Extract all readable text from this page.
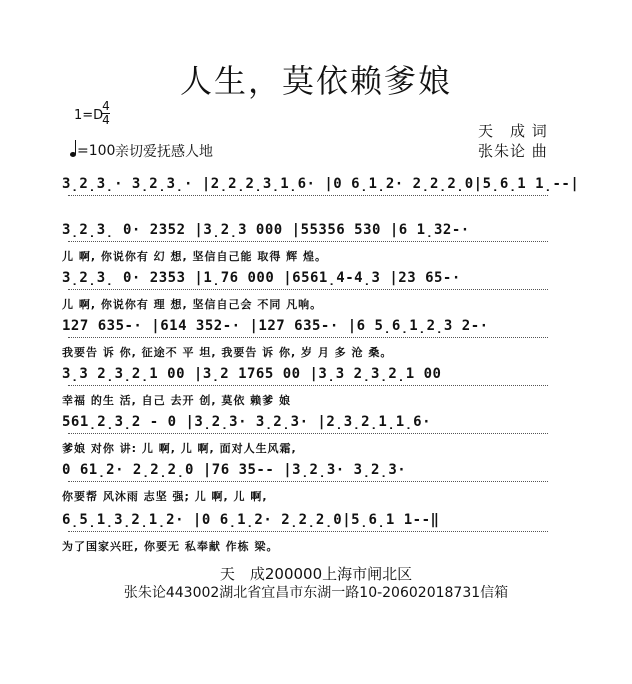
人生，莫依赖爹娘
1=D
4
4
天　成 词
张朱论 曲
=100 亲切爱抚感人地
3̣2̣3̣· 3̣2̣3̣· |2̣2̣2̣3̣1̣6· |0 6̣1̣2· 2̣2̣2̣0|5̣6̣1 1̣--|
3̣2̣3̣ 0· 2352 |3̣2̣3 000 |55356 530 |6 1̣32-·
儿 啊, 你说你有 幻 想, 坚信自己能 取得 辉 煌。
3̣2̣3̣ 0· 2353 |1̣76 000 |6561̣4-4̣3 |23 65-·
儿 啊, 你说你有 理 想, 坚信自己会 不同 凡响。
127 635-· |614 352-· |127 635-· |6 5̣6̣1̣2̣3 2-·
我要告 诉 你, 征途不 平 坦, 我要告 诉 你, 岁 月 多 沧 桑。
3̣3 2̣3̣2̣1 00 |3̣2 1765 00 |3̣3 2̣3̣2̣1 00
幸福 的生 活, 自己 去开 创, 莫依 赖爹 娘
561̣2̣3̣2 - 0 |3̣2̣3· 3̣2̣3· |2̣3̣2̣1̣1̣6·
爹娘 对你 讲: 儿 啊, 儿 啊, 面对人生风霜,
0 61̣2· 2̣2̣2̣0 |76 35-- |3̣2̣3· 3̣2̣3·
你要帮 风沐雨 志坚 强; 儿 啊, 儿 啊,
6̣5̣1̣3̣2̣1̣2· |0 6̣1̣2· 2̣2̣2̣0|5̣6̣1 1--‖
为了国家兴旺, 你要无 私奉献 作栋 梁。
天　成200000上海市闸北区
张朱论443002湖北省宜昌市东湖一路10-20602018731信箱
